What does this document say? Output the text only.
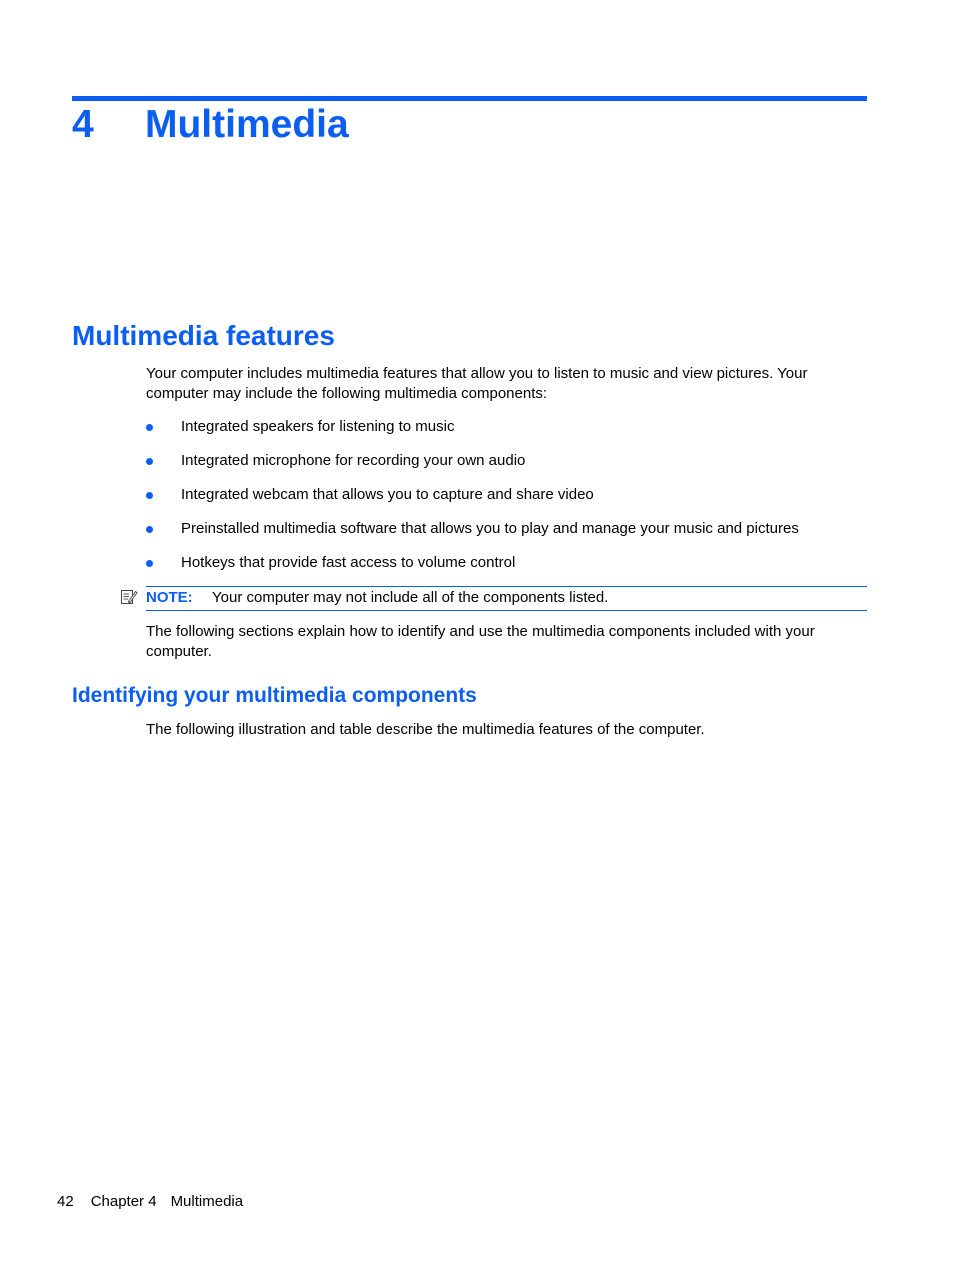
4 Multimedia
Multimedia features

Your computer includes multimedia features that allow you to listen to music and view pictures. Your computer may include the following multimedia components:

Integrated speakers for listening to music
Integrated microphone for recording your own audio
Integrated webcam that allows you to capture and share video
Preinstalled multimedia software that allows you to play and manage your music and pictures
Hotkeys that provide fast access to volume control
NOTE: Your computer may not include all of the components listed.

The following sections explain how to identify and use the multimedia components included with your computer.

Identifying your multimedia components

The following illustration and table describe the multimedia features of the computer.

42 Chapter 4 Multimedia
